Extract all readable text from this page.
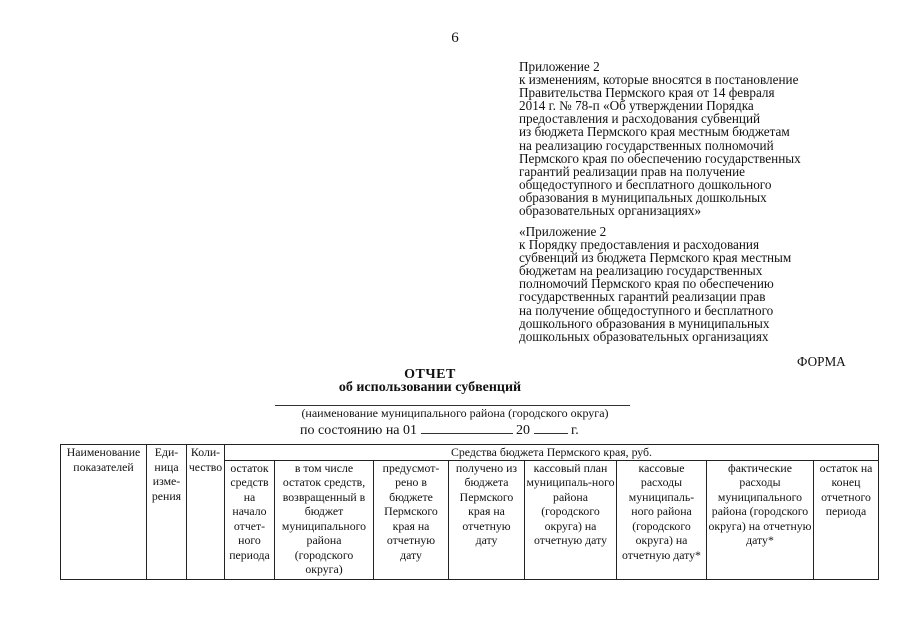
6
Приложение 2
к изменениям, которые вносятся в постановление
Правительства Пермского края от 14 февраля
2014 г. № 78-п «Об утверждении Порядка
предоставления и расходования субвенций
из бюджета Пермского края местным бюджетам
на реализацию государственных полномочий
Пермского края по обеспечению государственных
гарантий реализации прав на получение
общедоступного и бесплатного дошкольного
образования в муниципальных дошкольных
образовательных организациях»
«Приложение 2
к Порядку предоставления и расходования
субвенций из бюджета Пермского края местным
бюджетам на реализацию государственных
полномочий Пермского края по обеспечению
государственных гарантий реализации прав
на получение общедоступного и бесплатного
дошкольного образования в муниципальных
дошкольных образовательных организациях
ФОРМА
ОТЧЕТ
об использовании субвенций
(наименование муниципального района (городского округа)
по состоянию на 01	20	г.
Наименование показателей	Еди-ница изме-рения	Коли-чество	Средства бюджета Пермского края, руб.							
			остаток средств на начало отчет-ного периода	в том числе остаток средств, возвращенный в бюджет муниципального района (городского округа)	предусмот-рено в бюджете Пермского края на отчетную дату	получено из бюджета Пермского края на отчетную дату	кассовый план муниципаль-ного района (городского округа) на отчетную дату	кассовые расходы муниципаль-ного района (городского округа) на отчетную дату*	фактические расходы муниципального района (городского округа) на отчетную дату*	остаток на конец отчетного периода
